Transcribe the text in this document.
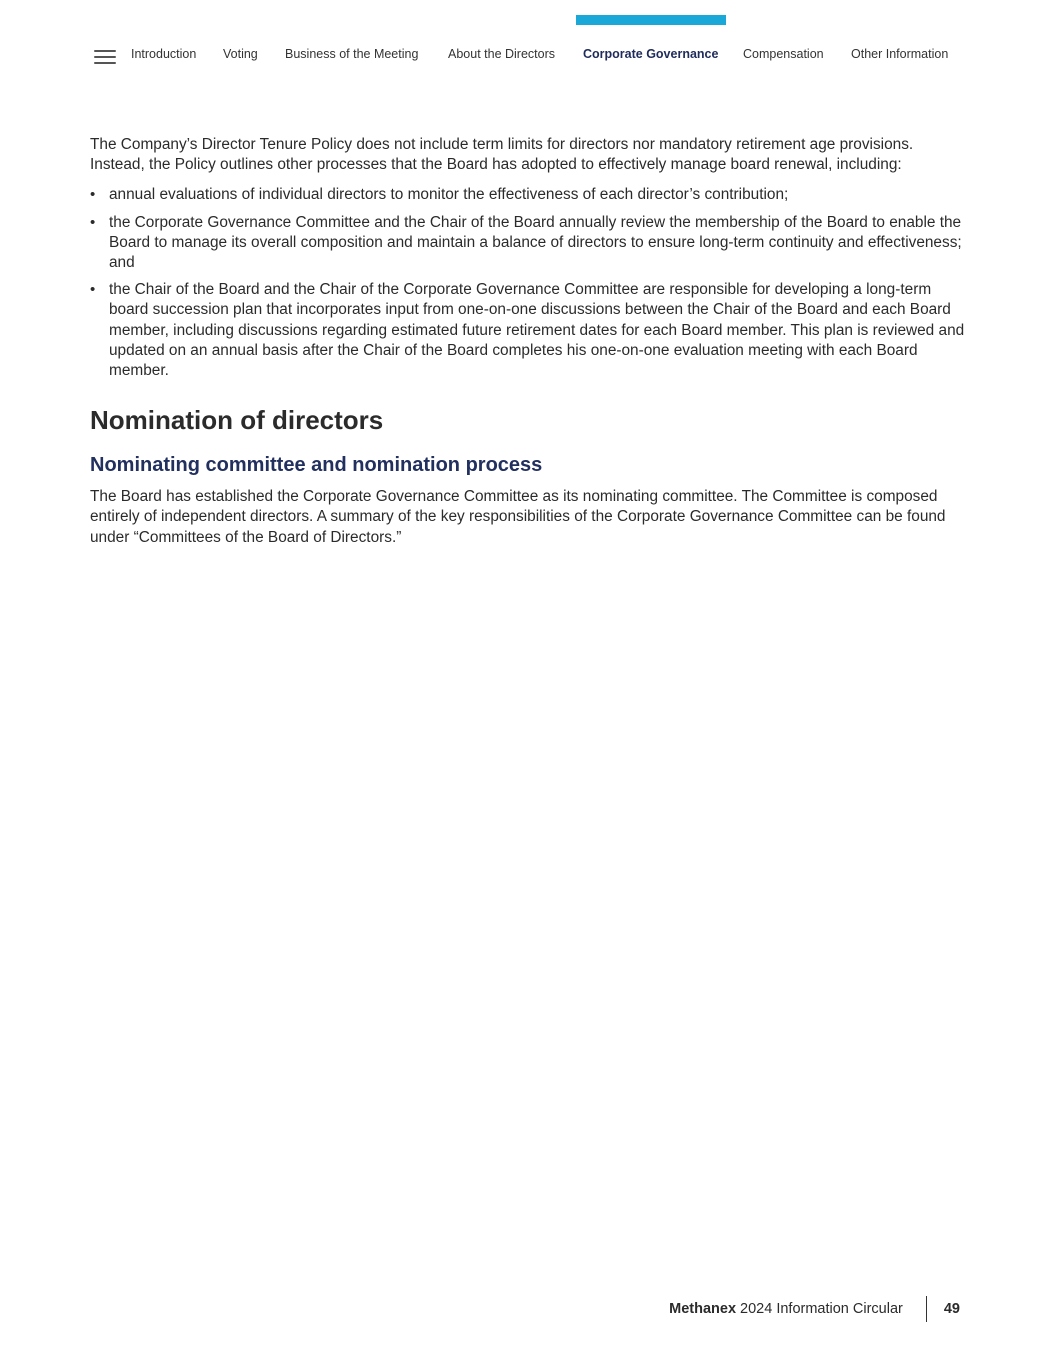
Introduction Voting Business of the Meeting About the Directors Corporate Governance Compensation Other Information

The Company’s Director Tenure Policy does not include term limits for directors nor mandatory retirement age provisions. Instead, the Policy outlines other processes that the Board has adopted to effectively manage board renewal, including:

• annual evaluations of individual directors to monitor the effectiveness of each director’s contribution;
• the Corporate Governance Committee and the Chair of the Board annually review the membership of the Board to enable the Board to manage its overall composition and maintain a balance of directors to ensure long-term continuity and effectiveness; and
• the Chair of the Board and the Chair of the Corporate Governance Committee are responsible for developing a long-term board succession plan that incorporates input from one-on-one discussions between the Chair of the Board and each Board member, including discussions regarding estimated future retirement dates for each Board member. This plan is reviewed and updated on an annual basis after the Chair of the Board completes his one-on-one evaluation meeting with each Board member.
Nomination of directors
Nominating committee and nomination process

The Board has established the Corporate Governance Committee as its nominating committee. The Committee is composed entirely of independent directors. A summary of the key responsibilities of the Corporate Governance Committee can be found under “Committees of the Board of Directors.”

Methanex 2024 Information Circular	49
